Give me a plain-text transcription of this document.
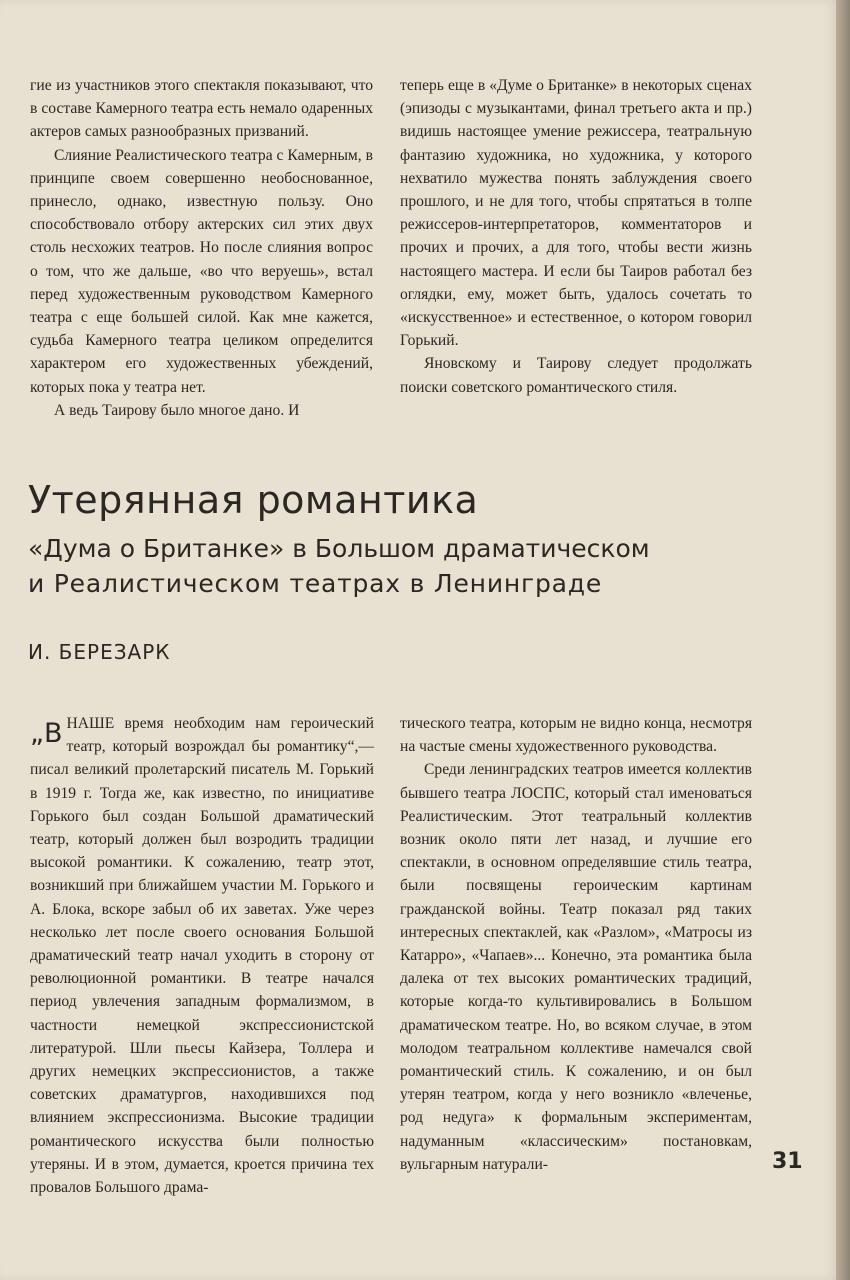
гие из участников этого спектакля показывают, что в составе Камерного театра есть немало одаренных актеров самых разнообразных призваний.

Слияние Реалистического театра с Камерным, в принципе своем совершенно необоснованное, принесло, однако, известную пользу. Оно способствовало отбору актерских сил этих двух столь несхожих театров. Но после слияния вопрос о том, что же дальше, «во что веруешь», встал перед художественным руководством Камерного театра с еще большей силой. Как мне кажется, судьба Камерного театра целиком определится характером его художественных убеждений, которых пока у театра нет.

А ведь Таирову было многое дано. И

теперь еще в «Думе о Британке» в некоторых сценах (эпизоды с музыкантами, финал третьего акта и пр.) видишь настоящее умение режиссера, театральную фантазию художника, но художника, у которого нехватило мужества понять заблуждения своего прошлого, и не для того, чтобы спрятаться в толпе режиссеров-интерпретаторов, комментаторов и прочих и прочих, а для того, чтобы вести жизнь настоящего мастера. И если бы Таиров работал без оглядки, ему, может быть, удалось сочетать то «искусственное» и естественное, о котором говорил Горький.

Яновскому и Таирову следует продолжать поиски советского романтического стиля.

Утерянная романтика
«Дума о Британке» в Большом драматическом
и Реалистическом театрах в Ленинграде
И. БЕРЕЗАРК

„ВНАШЕ время необходим нам героический театр, который возрождал бы романтику“,— писал великий пролетарский писатель М. Горький в 1919 г. Тогда же, как известно, по инициативе Горького был создан Большой драматический театр, который должен был возродить традиции высокой романтики. К сожалению, театр этот, возникший при ближайшем участии М. Горького и А. Блока, вскоре забыл об их заветах. Уже через несколько лет после своего основания Большой драматический театр начал уходить в сторону от революционной романтики. В театре начался период увлечения западным формализмом, в частности немецкой экспрессионистской литературой. Шли пьесы Кайзера, Толлера и других немецких экспрессионистов, а также советских драматургов, находившихся под влиянием экспрессионизма. Высокие традиции романтического искусства были полностью утеряны. И в этом, думается, кроется причина тех провалов Большого драма-

тического театра, которым не видно конца, несмотря на частые смены художественного руководства.

Среди ленинградских театров имеется коллектив бывшего театра ЛОСПС, который стал именоваться Реалистическим. Этот театральный коллектив возник около пяти лет назад, и лучшие его спектакли, в основном определявшие стиль театра, были посвящены героическим картинам гражданской войны. Театр показал ряд таких интересных спектаклей, как «Разлом», «Матросы из Катарро», «Чапаев»... Конечно, эта романтика была далека от тех высоких романтических традиций, которые когда-то культивировались в Большом драматическом театре. Но, во всяком случае, в этом молодом театральном коллективе намечался свой романтический стиль. К сожалению, и он был утерян театром, когда у него возникло «влеченье, род недуга» к формальным экспериментам, надуманным «классическим» постановкам, вульгарным натурали-	31
